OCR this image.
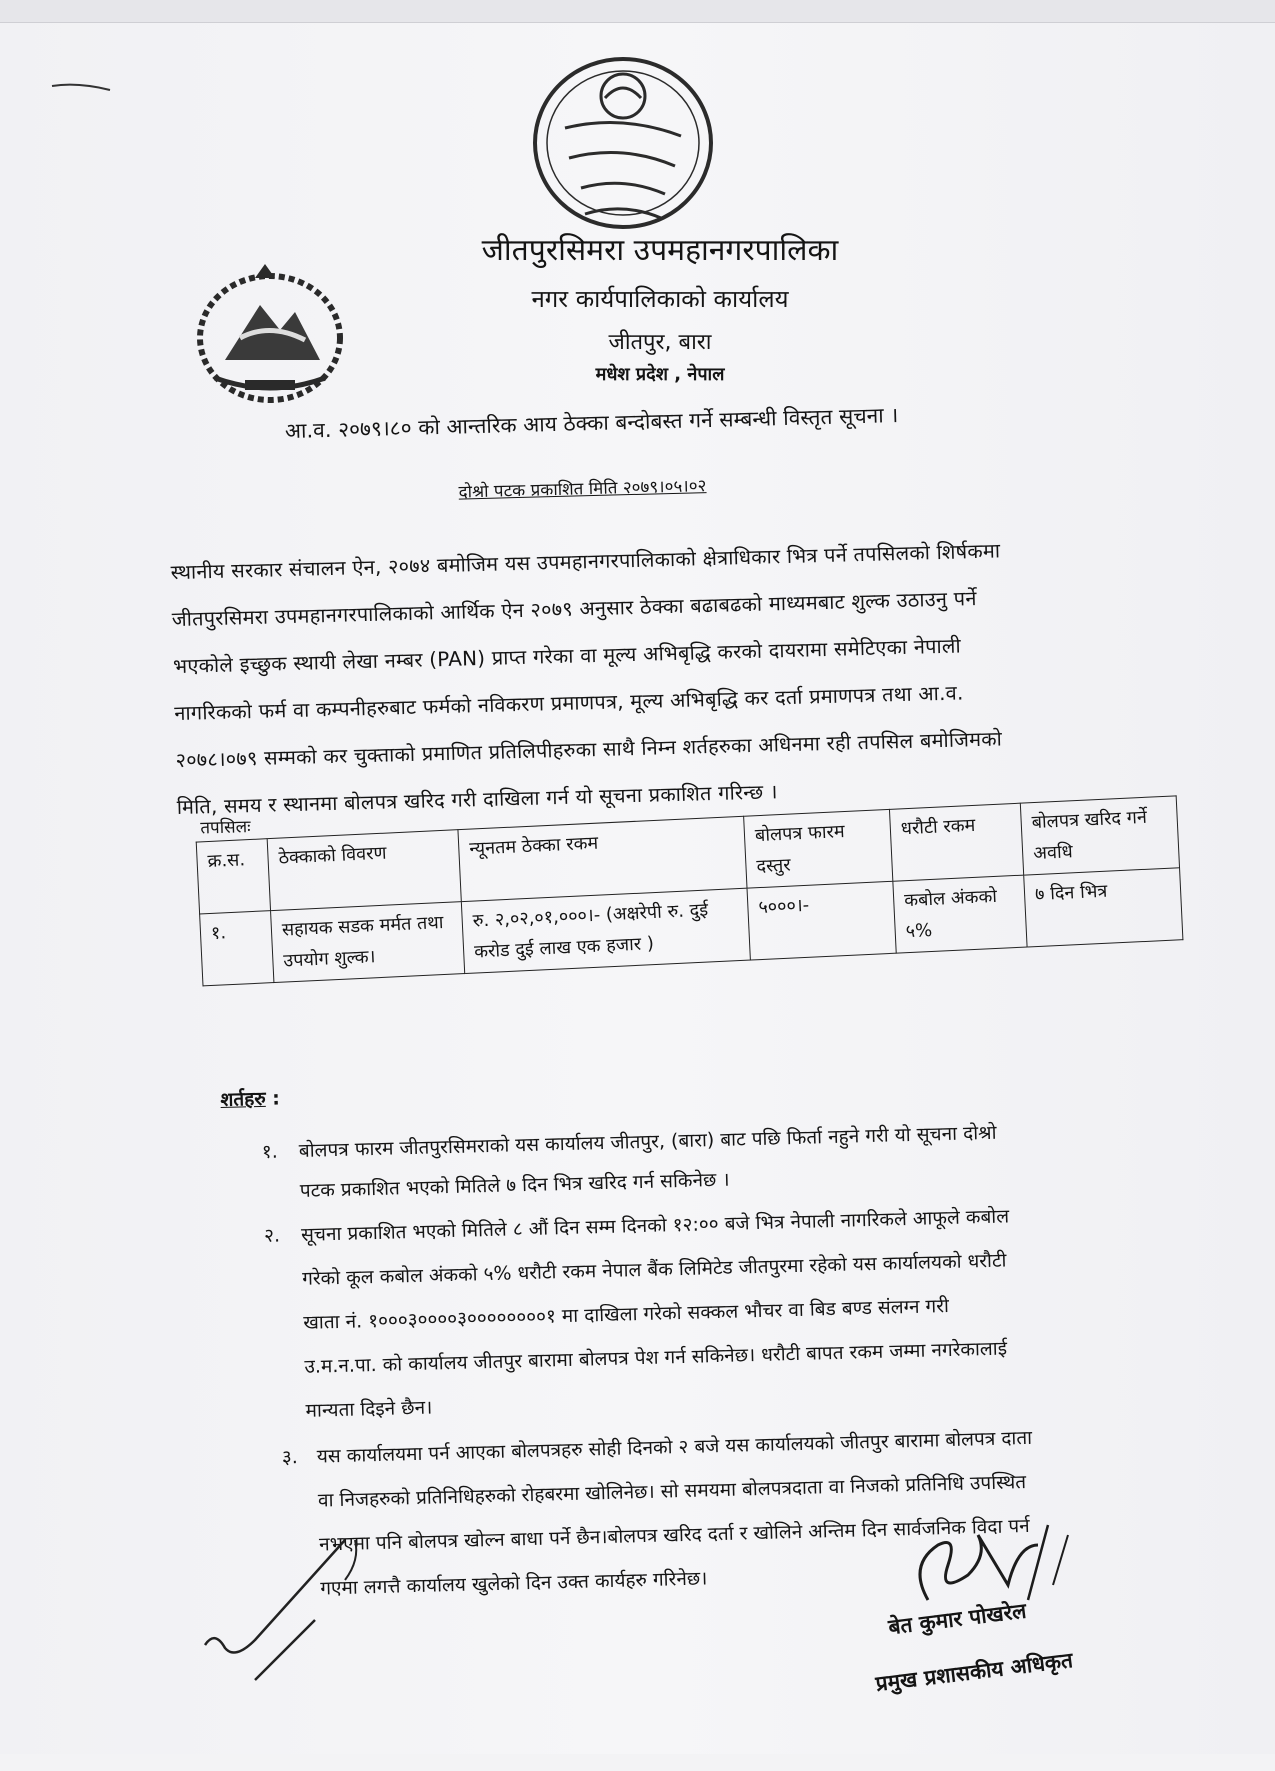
जीतपुरसिमरा उपमहानगरपालिका
नगर कार्यपालिकाको कार्यालय
जीतपुर, बारा
मधेश प्रदेश , नेपाल
आ.व. २०७९।८० को आन्तरिक आय ठेक्का बन्दोबस्त गर्ने सम्बन्धी विस्तृत सूचना ।
दोश्रो पटक प्रकाशित मिति २०७९।०५।०२
स्थानीय सरकार संचालन ऐन, २०७४ बमोजिम यस उपमहानगरपालिकाको क्षेत्राधिकार भित्र पर्ने तपसिलको शिर्षकमा
जीतपुरसिमरा उपमहानगरपालिकाको आर्थिक ऐन २०७९ अनुसार ठेक्का बढाबढको माध्यमबाट शुल्क उठाउनु पर्ने
भएकोले इच्छुक स्थायी लेखा नम्बर (PAN) प्राप्त गरेका वा मूल्य अभिबृद्धि करको दायरामा समेटिएका नेपाली
नागरिकको फर्म वा कम्पनीहरुबाट फर्मको नविकरण प्रमाणपत्र, मूल्य अभिबृद्धि कर दर्ता प्रमाणपत्र तथा आ.व.
२०७८।०७९ सम्मको कर चुक्ताको प्रमाणित प्रतिलिपीहरुका साथै निम्न शर्तहरुका अधिनमा रही तपसिल बमोजिमको
मिति, समय र स्थानमा बोलपत्र खरिद गरी दाखिला गर्न यो सूचना प्रकाशित गरिन्छ ।
तपसिलः
क्र.स.	ठेक्काको विवरण	न्यूनतम ठेक्का रकम	बोलपत्र फारम दस्तुर	धरौटी रकम	बोलपत्र खरिद गर्ने अवधि
१.	सहायक सडक मर्मत तथा उपयोग शुल्क।	रु. २,०२,०१,०००।- (अक्षरेपी रु. दुई करोड दुई लाख एक हजार )	५०००।-	कबोल अंकको ५%	७ दिन भित्र
शर्तहरु :
१. बोलपत्र फारम जीतपुरसिमराको यस कार्यालय जीतपुर, (बारा) बाट पछि फिर्ता नहुने गरी यो सूचना दोश्रो
पटक प्रकाशित भएको मितिले ७ दिन भित्र खरिद गर्न सकिनेछ ।
२. सूचना प्रकाशित भएको मितिले ८ औं दिन सम्म दिनको १२:०० बजे भित्र नेपाली नागरिकले आफूले कबोल
गरेको कूल कबोल अंकको ५% धरौटी रकम नेपाल बैंक लिमिटेड जीतपुरमा रहेको यस कार्यालयको धरौटी
खाता नं. १०००३००००३००००००००१ मा दाखिला गरेको सक्कल भौचर वा बिड बण्ड संलग्न गरी
उ.म.न.पा. को कार्यालय जीतपुर बारामा बोलपत्र पेश गर्न सकिनेछ। धरौटी बापत रकम जम्मा नगरेकालाई
मान्यता दिइने छैन।
३. यस कार्यालयमा पर्न आएका बोलपत्रहरु सोही दिनको २ बजे यस कार्यालयको जीतपुर बारामा बोलपत्र दाता
वा निजहरुको प्रतिनिधिहरुको रोहबरमा खोलिनेछ। सो समयमा बोलपत्रदाता वा निजको प्रतिनिधि उपस्थित
नभएमा पनि बोलपत्र खोल्न बाधा पर्ने छैन।बोलपत्र खरिद दर्ता र खोलिने अन्तिम दिन सार्वजनिक विदा पर्न
गएमा लगत्तै कार्यालय खुलेको दिन उक्त कार्यहरु गरिनेछ।
बेत कुमार पोखरेल
प्रमुख प्रशासकीय अधिकृत
